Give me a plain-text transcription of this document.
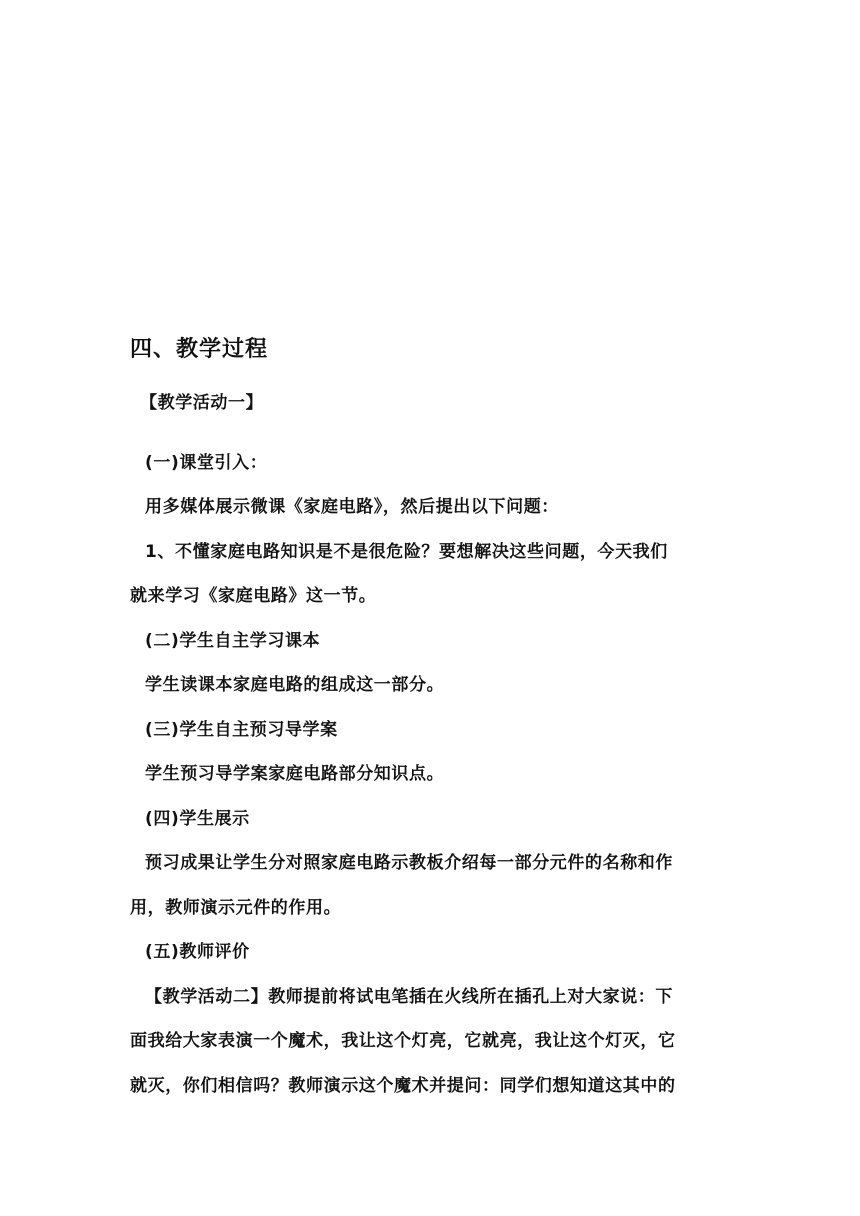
四、教学过程
【教学活动一】
(一)课堂引入：
用多媒体展示微课《家庭电路》，然后提出以下问题：
1、不懂家庭电路知识是不是很危险？要想解决这些问题，今天我们
就来学习《家庭电路》这一节。
(二)学生自主学习课本
学生读课本家庭电路的组成这一部分。
(三)学生自主预习导学案
学生预习导学案家庭电路部分知识点。
(四)学生展示
预习成果让学生分对照家庭电路示教板介绍每一部分元件的名称和作
用，教师演示元件的作用。
(五)教师评价
【教学活动二】教师提前将试电笔插在火线所在插孔上对大家说：下
面我给大家表演一个魔术，我让这个灯亮，它就亮，我让这个灯灭，它
就灭，你们相信吗？教师演示这个魔术并提问：同学们想知道这其中的
